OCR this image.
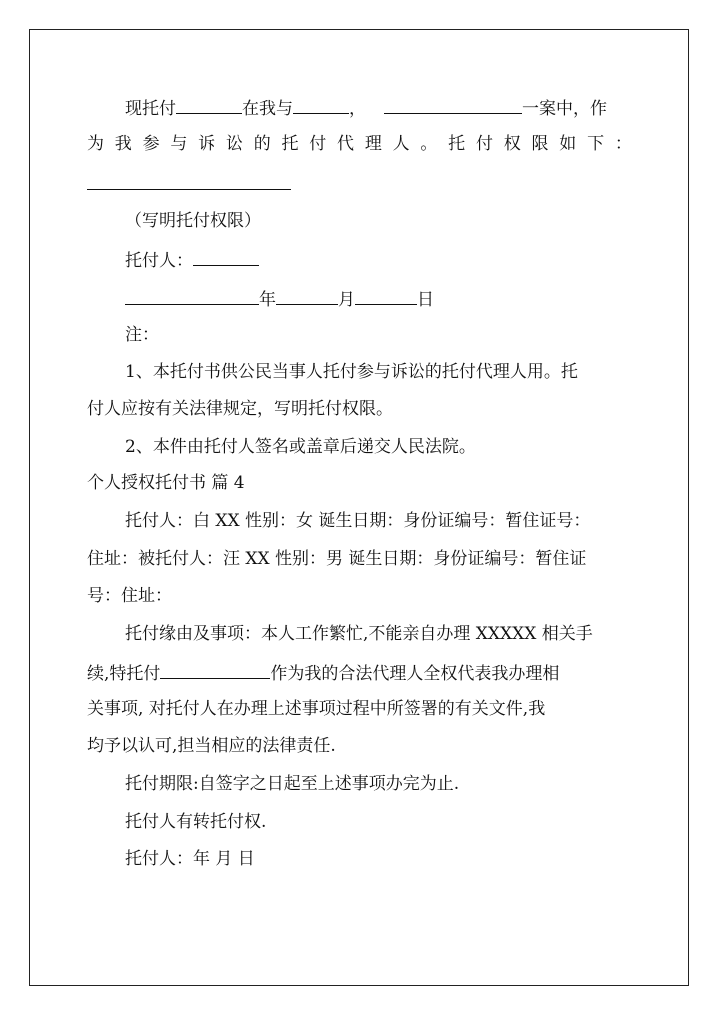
现托付	在我与	，	一案中，作
为 我 参 与 诉 讼 的 托 付 代 理 人 。 托 付 权 限 如 下 ：
（写明托付权限）
托付人：
年	月	日
注：
1、本托付书供公民当事人托付参与诉讼的托付代理人用。托
付人应按有关法律规定，写明托付权限。
2、本件由托付人签名或盖章后递交人民法院。
个人授权托付书 篇 4
托付人：白 XX 性别：女 诞生日期：身份证编号：暂住证号：
住址：被托付人：汪 XX 性别：男 诞生日期：身份证编号：暂住证
号：住址：
托付缘由及事项：本人工作繁忙,不能亲自办理 XXXXX 相关手
续,特托付	作为我的合法代理人全权代表我办理相
关事项, 对托付人在办理上述事项过程中所签署的有关文件,我
均予以认可,担当相应的法律责任.
托付期限:自签字之日起至上述事项办完为止.
托付人有转托付权.
托付人：年 月 日
